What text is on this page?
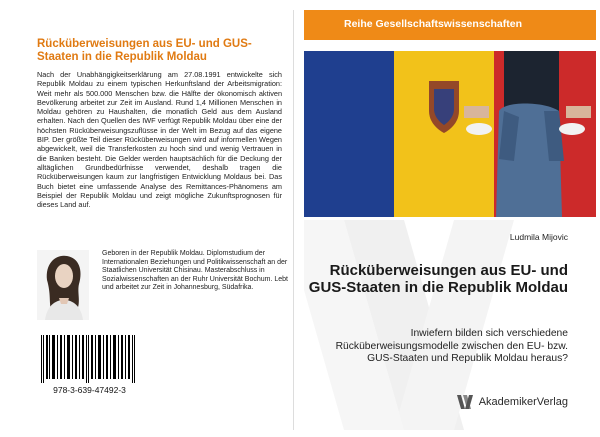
Rücküberweisungen aus EU- und GUS-Staaten in die Republik Moldau
Nach der Unabhängigkeitserklärung am 27.08.1991 entwickelte sich Republik Moldau zu einem typischen Herkunftsland der Arbeitsmigration: Weit mehr als 500.000 Menschen bzw. die Hälfte der ökonomisch aktiven Bevölkerung arbeitet zur Zeit im Ausland. Rund 1,4 Millionen Menschen in Moldau gehören zu Haushalten, die monatlich Geld aus dem Ausland erhalten. Nach den Quellen des IWF verfügt Republik Moldau über eine der höchsten Rücküberweisungszuflüsse in der Welt im Bezug auf das eigene BIP. Der größte Teil dieser Rücküberweisungen wird auf informellen Wegen abgewickelt, weil die Transferkosten zu hoch sind und wenig Vertrauen in die Banken besteht. Die Gelder werden hauptsächlich für die Deckung der alltäglichen Grundbedürfnisse verwendet, deshalb tragen die Rücküberweisungen kaum zur langfristigen Entwicklung Moldaus bei. Das Buch bietet eine umfassende Analyse des Remittances-Phänomens am Beispiel der Republik Moldau und zeigt mögliche Zukunftsprognosen für dieses Land auf.
Geboren in der Republik Moldau. Diplomstudium der Internationalen Beziehungen und Politikwissenschaft an der Staatlichen Universität Chisinau. Masterabschluss in Sozialwissenschaften an der Ruhr Universität Bochum. Lebt und arbeitet zur Zeit in Johannesburg, Südafrika.
978-3-639-47492-3
Reihe Gesellschaftswissenschaften
Ludmila Mijovic
Rücküberweisungen aus EU- und GUS-Staaten in die Republik Moldau
Inwiefern bilden sich verschiedene Rücküberweisungsmodelle zwischen den EU- bzw. GUS-Staaten und Republik Moldau heraus?
AkademikerVerlag
